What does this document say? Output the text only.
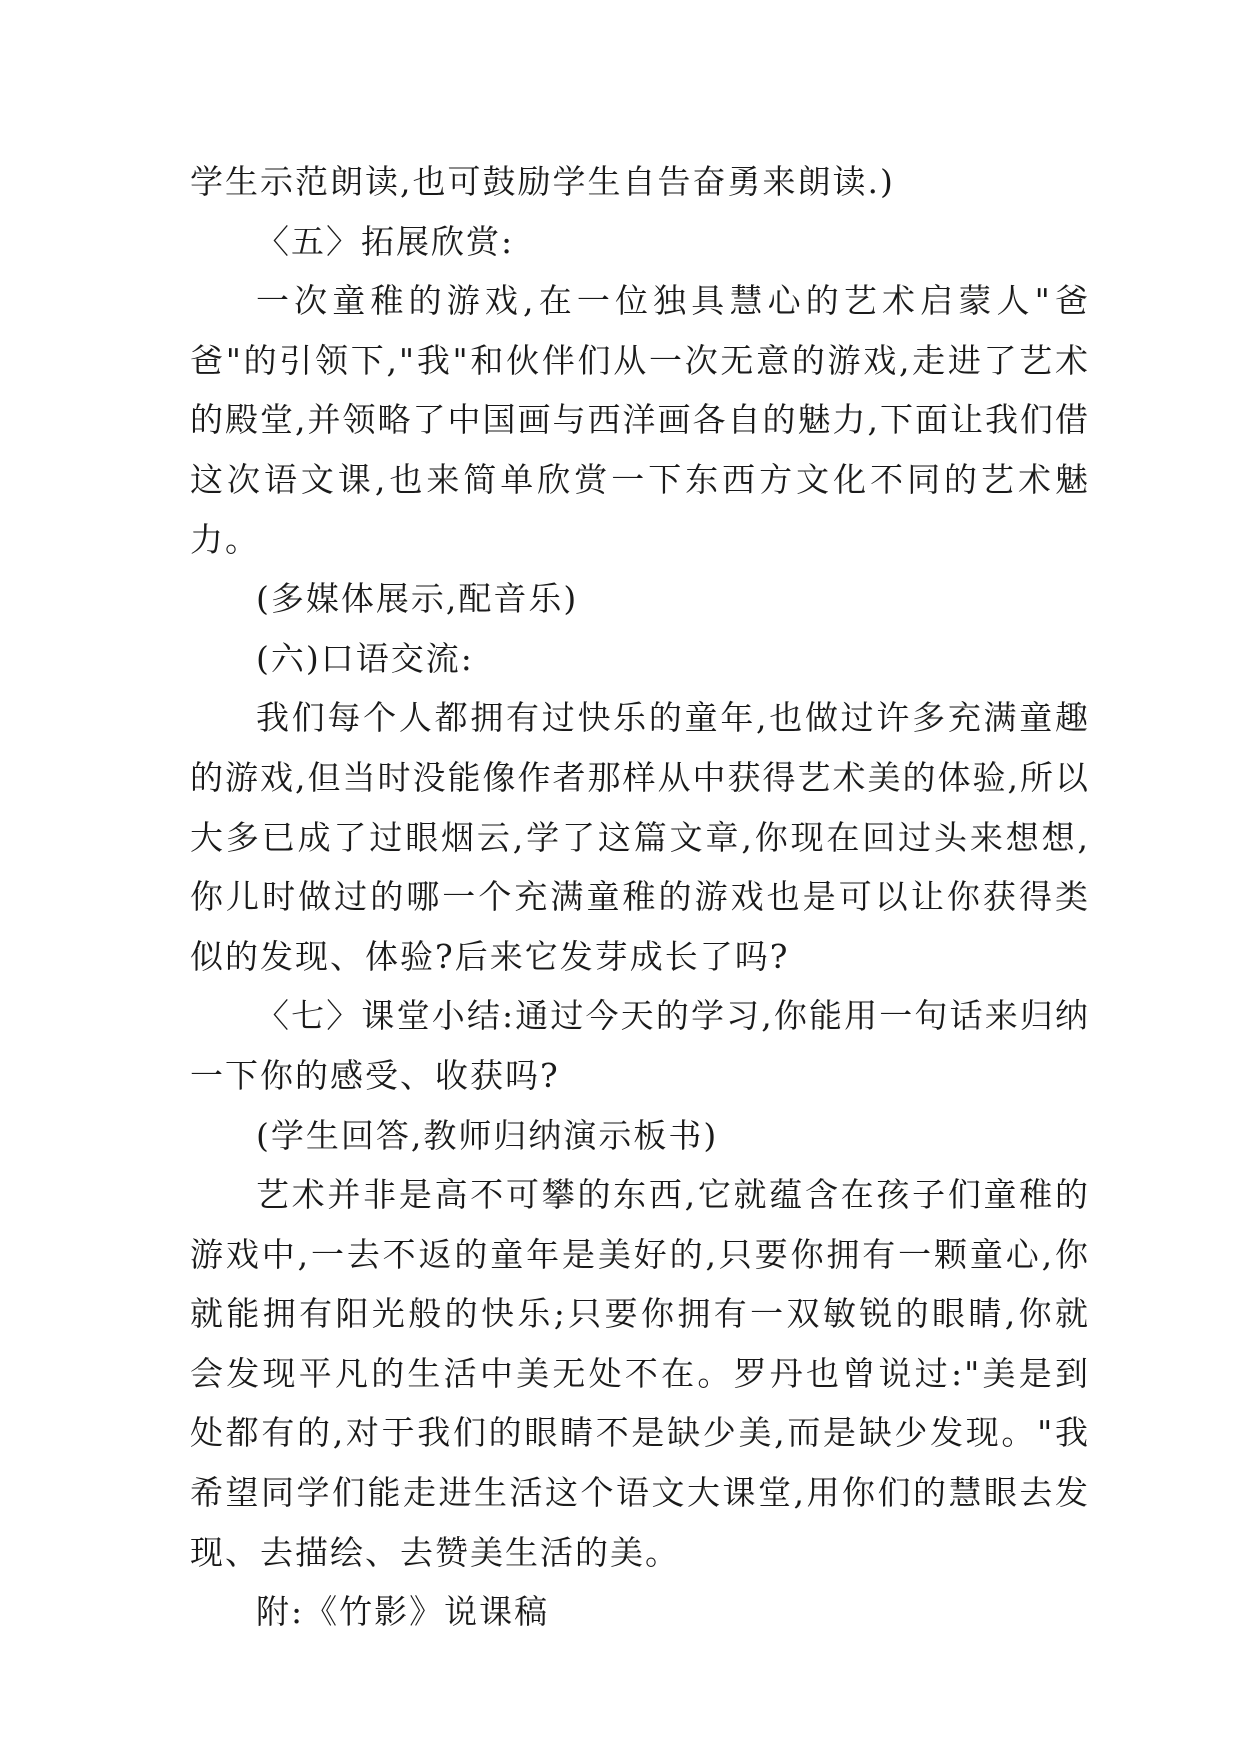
学生示范朗读,也可鼓励学生自告奋勇来朗读.)

〈五〉拓展欣赏:

一次童稚的游戏,在一位独具慧心的艺术启蒙人"爸爸"的引领下,"我"和伙伴们从一次无意的游戏,走进了艺术的殿堂,并领略了中国画与西洋画各自的魅力,下面让我们借这次语文课,也来简单欣赏一下东西方文化不同的艺术魅力。

(多媒体展示,配音乐)

(六)口语交流:

我们每个人都拥有过快乐的童年,也做过许多充满童趣的游戏,但当时没能像作者那样从中获得艺术美的体验,所以大多已成了过眼烟云,学了这篇文章,你现在回过头来想想,你儿时做过的哪一个充满童稚的游戏也是可以让你获得类似的发现、体验?后来它发芽成长了吗?

〈七〉课堂小结:通过今天的学习,你能用一句话来归纳一下你的感受、收获吗?

(学生回答,教师归纳演示板书)

艺术并非是高不可攀的东西,它就蕴含在孩子们童稚的游戏中,一去不返的童年是美好的,只要你拥有一颗童心,你就能拥有阳光般的快乐;只要你拥有一双敏锐的眼睛,你就会发现平凡的生活中美无处不在。罗丹也曾说过:"美是到处都有的,对于我们的眼睛不是缺少美,而是缺少发现。"我希望同学们能走进生活这个语文大课堂,用你们的慧眼去发现、去描绘、去赞美生活的美。

附:《竹影》说课稿
